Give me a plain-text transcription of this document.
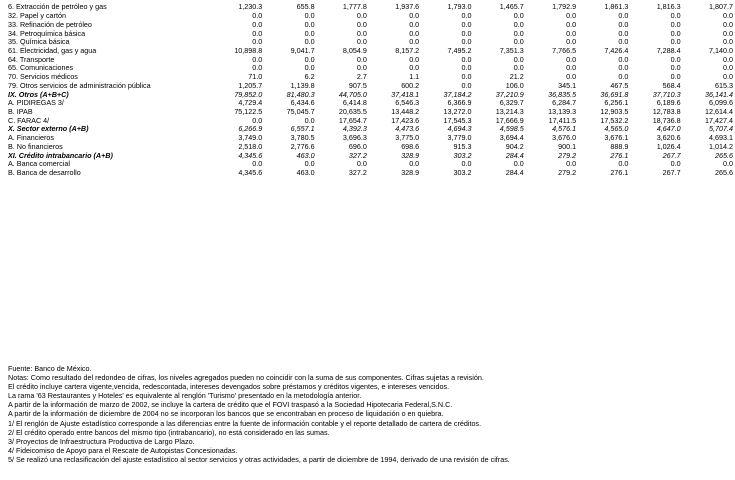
6. Extracción de petróleo y gas	1,230.3	655.8	1,777.8	1,937.6	1,793.0	1,465.7	1,792.9	1,861.3	1,816.3	1,807.7
32. Papel y cartón	0.0	0.0	0.0	0.0	0.0	0.0	0.0	0.0	0.0	0.0
33. Refinación de petróleo	0.0	0.0	0.0	0.0	0.0	0.0	0.0	0.0	0.0	0.0
34. Petroquímica básica	0.0	0.0	0.0	0.0	0.0	0.0	0.0	0.0	0.0	0.0
35. Química básica	0.0	0.0	0.0	0.0	0.0	0.0	0.0	0.0	0.0	0.0
61. Electricidad, gas y agua	10,898.8	9,041.7	8,054.9	8,157.2	7,495.2	7,351.3	7,766.5	7,426.4	7,288.4	7,140.0
64. Transporte	0.0	0.0	0.0	0.0	0.0	0.0	0.0	0.0	0.0	0.0
65. Comunicaciones	0.0	0.0	0.0	0.0	0.0	0.0	0.0	0.0	0.0	0.0
70. Servicios médicos	71.0	6.2	2.7	1.1	0.0	21.2	0.0	0.0	0.0	0.0
79. Otros servicios de administración pública	1,205.7	1,139.8	907.5	600.2	0.0	106.0	345.1	467.5	568.4	615.3
IX. Otros (A+B+C)	79,852.0	81,480.3	44,705.0	37,418.1	37,184.2	37,210.9	36,835.5	36,691.8	37,710.3	36,141.4
A. PIDIREGAS 3/	4,729.4	6,434.6	6,414.8	6,546.3	6,366.9	6,329.7	6,284.7	6,256.1	6,189.6	6,099.6
B. IPAB	75,122.5	75,045.7	20,635.5	13,448.2	13,272.0	13,214.3	13,139.3	12,903.5	12,783.8	12,614.4
C. FARAC 4/	0.0	0.0	17,654.7	17,423.6	17,545.3	17,666.9	17,411.5	17,532.2	18,736.8	17,427.4
X. Sector externo (A+B)	6,266.9	6,557.1	4,392.3	4,473.6	4,694.3	4,598.5	4,576.1	4,565.0	4,647.0	5,707.4
A. Financieros	3,749.0	3,780.5	3,696.3	3,775.0	3,779.0	3,694.4	3,676.0	3,676.1	3,620.6	4,693.1
B. No financieros	2,518.0	2,776.6	696.0	698.6	915.3	904.2	900.1	888.9	1,026.4	1,014.2
XI. Crédito intrabancario (A+B)	4,345.6	463.0	327.2	328.9	303.2	284.4	279.2	276.1	267.7	265.6
A. Banca comercial	0.0	0.0	0.0	0.0	0.0	0.0	0.0	0.0	0.0	0.0
B. Banca de desarrollo	4,345.6	463.0	327.2	328.9	303.2	284.4	279.2	276.1	267.7	265.6
Fuente: Banco de México.
Notas: Como resultado del redondeo de cifras, los niveles agregados pueden no coincidir con la suma de sus componentes. Cifras sujetas a revisión.
El crédito incluye cartera vigente,vencida, redescontada, intereses devengados sobre préstamos y créditos vigentes, e intereses vencidos.
La rama '63 Restaurantes y Hoteles' es equivalente al renglón 'Turismo' presentado en la metodología anterior.
A partir de la información de marzo de 2002, se incluye la cartera de crédito que el FOVI traspasó a la Sociedad Hipotecaria Federal,S.N.C.
A partir de la información de diciembre de 2004 no se incorporan los bancos que se encontraban en proceso de liquidación o en quiebra.
1/ El renglón de Ajuste estadístico corresponde a las diferencias entre la fuente de información contable y el reporte detallado de cartera de créditos.
2/ El crédito operado entre bancos del mismo tipo (intrabancario), no está considerado en las sumas.
3/ Proyectos de Infraestructura Productiva de Largo Plazo.
4/ Fideicomiso de Apoyo para el Rescate de Autopistas Concesionadas.
5/ Se realizó una reclasificación del ajuste estadístico al sector servicios y otras actividades, a partir de diciembre de 1994, derivado de una revisión de cifras.
